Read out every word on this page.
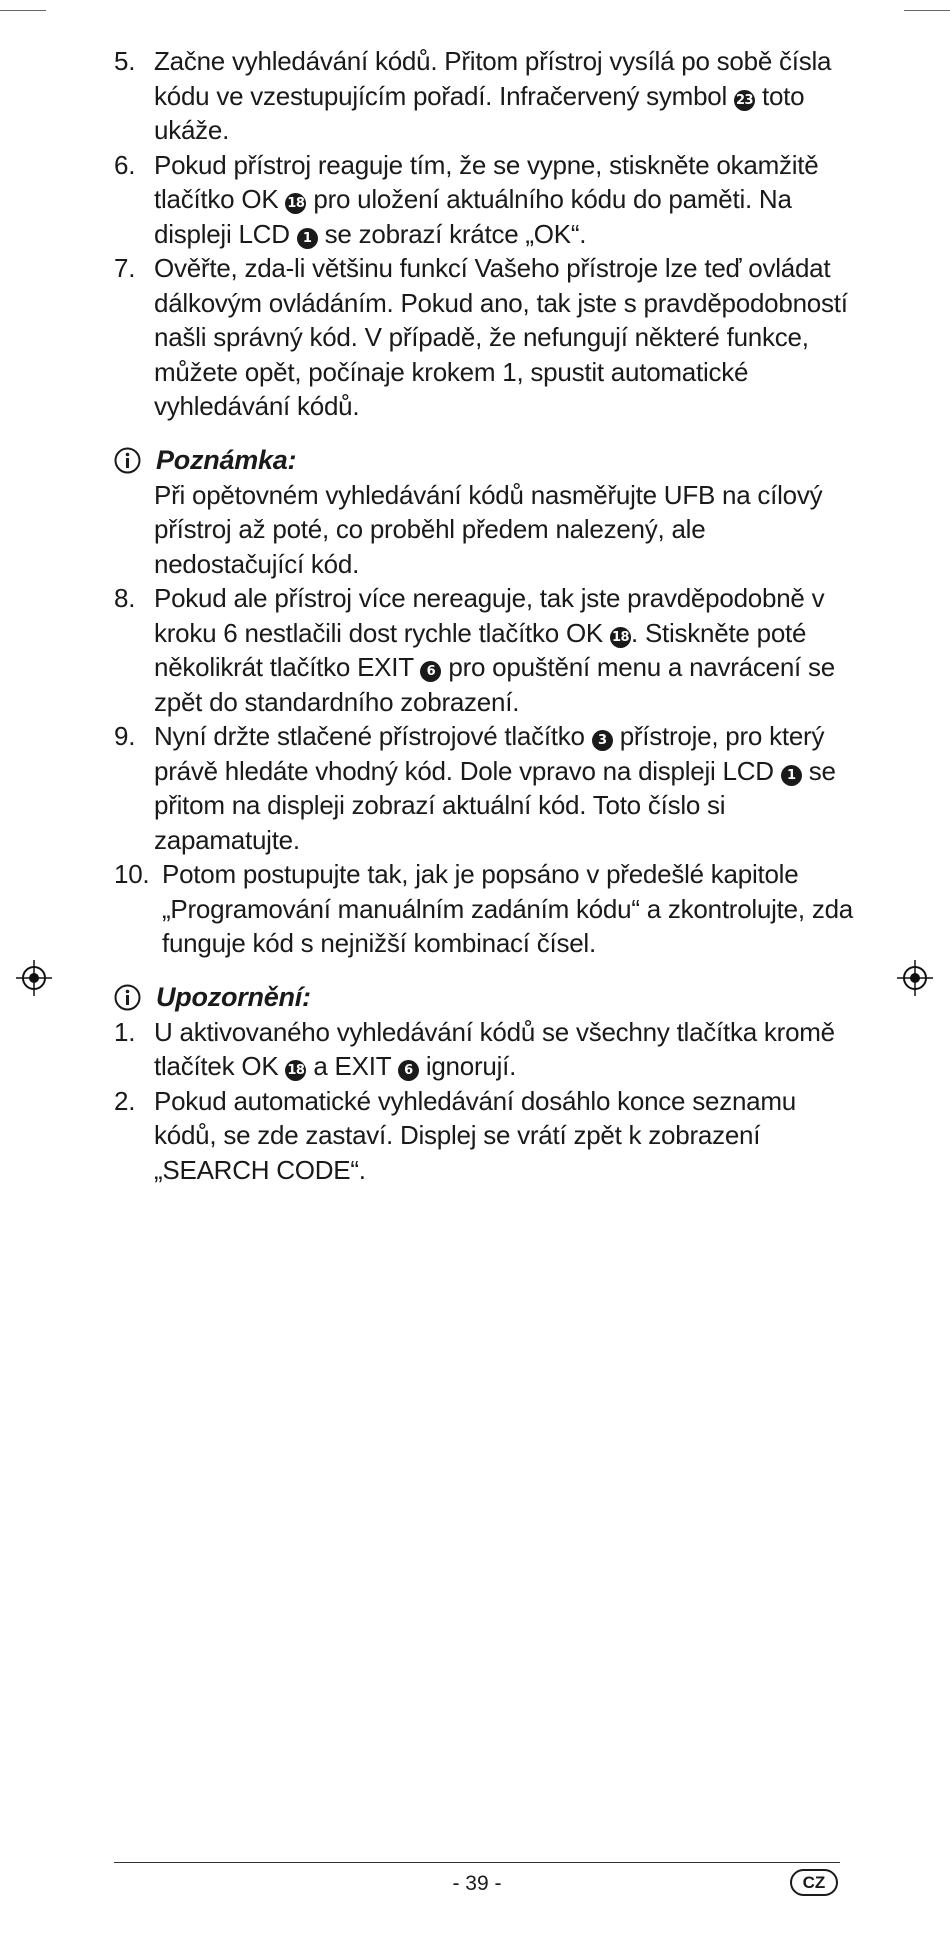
5. Začne vyhledávání kódů. Přitom přístroj vysílá po sobě čísla kódu ve vzestupujícím pořadí. Infračervený symbol 23 toto ukáže.
6. Pokud přístroj reaguje tím, že se vypne, stiskněte okamžitě tlačítko OK 18 pro uložení aktuálního kódu do paměti. Na displeji LCD 1 se zobrazí krátce „OK“.
7. Ověřte, zda-li většinu funkcí Vašeho přístroje lze teď ovládat dálkovým ovládáním. Pokud ano, tak jste s pravděpodobností našli správný kód. V případě, že nefungují některé funkce, můžete opět, počínaje krokem 1, spustit automatické vyhledávání kódů.
Poznámka:

Při opětovném vyhledávání kódů nasměřujte UFB na cílový přístroj až poté, co proběhl předem nalezený, ale nedostačující kód.

8. Pokud ale přístroj více nereaguje, tak jste pravděpodobně v kroku 6 nestlačili dost rychle tlačítko OK 18. Stiskněte poté několikrát tlačítko EXIT 6 pro opuštění menu a navrácení se zpět do standardního zobrazení.
9. Nyní držte stlačené přístrojové tlačítko 3 přístroje, pro který právě hledáte vhodný kód. Dole vpravo na displeji LCD 1 se přitom na displeji zobrazí aktuální kód. Toto číslo si zapamatujte.
10. Potom postupujte tak, jak je popsáno v předešlé kapitole „Programování manuálním zadáním kódu“ a zkontrolujte, zda funguje kód s nejnižší kombinací čísel.
Upozornění:
1. U aktivovaného vyhledávání kódů se všechny tlačítka kromě tlačítek OK 18 a EXIT 6 ignorují.
2. Pokud automatické vyhledávání dosáhlo konce seznamu kódů, se zde zastaví. Displej se vrátí zpět k zobrazení „SEARCH CODE“.
- 39 -	CZ
